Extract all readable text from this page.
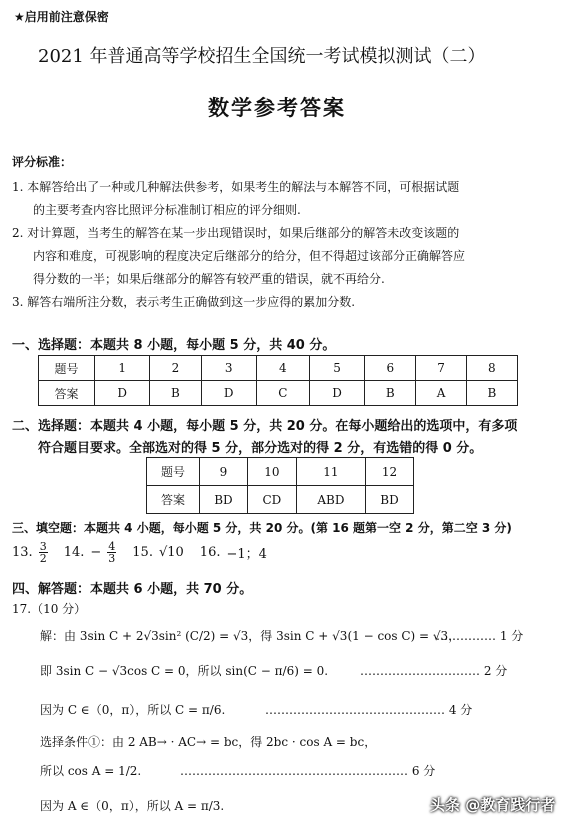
★启用前注意保密
2021 年普通高等学校招生全国统一考试模拟测试（二）
数学参考答案
评分标准：
1. 本解答给出了一种或几种解法供参考，如果考生的解法与本解答不同，可根据试题
的主要考查内容比照评分标准制订相应的评分细则.
2. 对计算题，当考生的解答在某一步出现错误时，如果后继部分的解答未改变该题的
内容和难度，可视影响的程度决定后继部分的给分，但不得超过该部分正确解答应
得分数的一半；如果后继部分的解答有较严重的错误，就不再给分.
3. 解答右端所注分数，表示考生正确做到这一步应得的累加分数.
一、选择题：本题共 8 小题，每小题 5 分，共 40 分。
题号	1	2	3	4	5	6	7	8
答案	D	B	D	C	D	B	A	B
二、选择题：本题共 4 小题，每小题 5 分，共 20 分。在每小题给出的选项中，有多项
符合题目要求。全部选对的得 5 分，部分选对的得 2 分，有选错的得 0 分。
题号	9	10	11	12
答案	BD	CD	ABD	BD
三、填空题：本题共 4 小题，每小题 5 分，共 20 分。(第 16 题第一空 2 分，第二空 3 分)
13. $\frac{3}{2} 14$. − $\frac{4}{3} 15$. √10 16. −1；4
四、解答题：本题共 6 小题，共 70 分。
17.（10 分）
解：由 3sin C + 2√3sin² (C/2) = √3，得 3sin C + √3(1 − cos C) = √3，
…………… 1 分
即 3sin C − √3cos C = 0，所以 sin(C − π/6) = 0.	………………………… 2 分
因为 C ∈（0，π），所以 C = π/6.	……………………………………… 4 分
选择条件①：由 2 AB→ · AC→ = bc，得 2bc · cos A = bc，
所以 cos A = 1/2.	………………………………………………… 6 分
因为 A ∈（0，π），所以 A = π/3.	头条 @教育践行者
